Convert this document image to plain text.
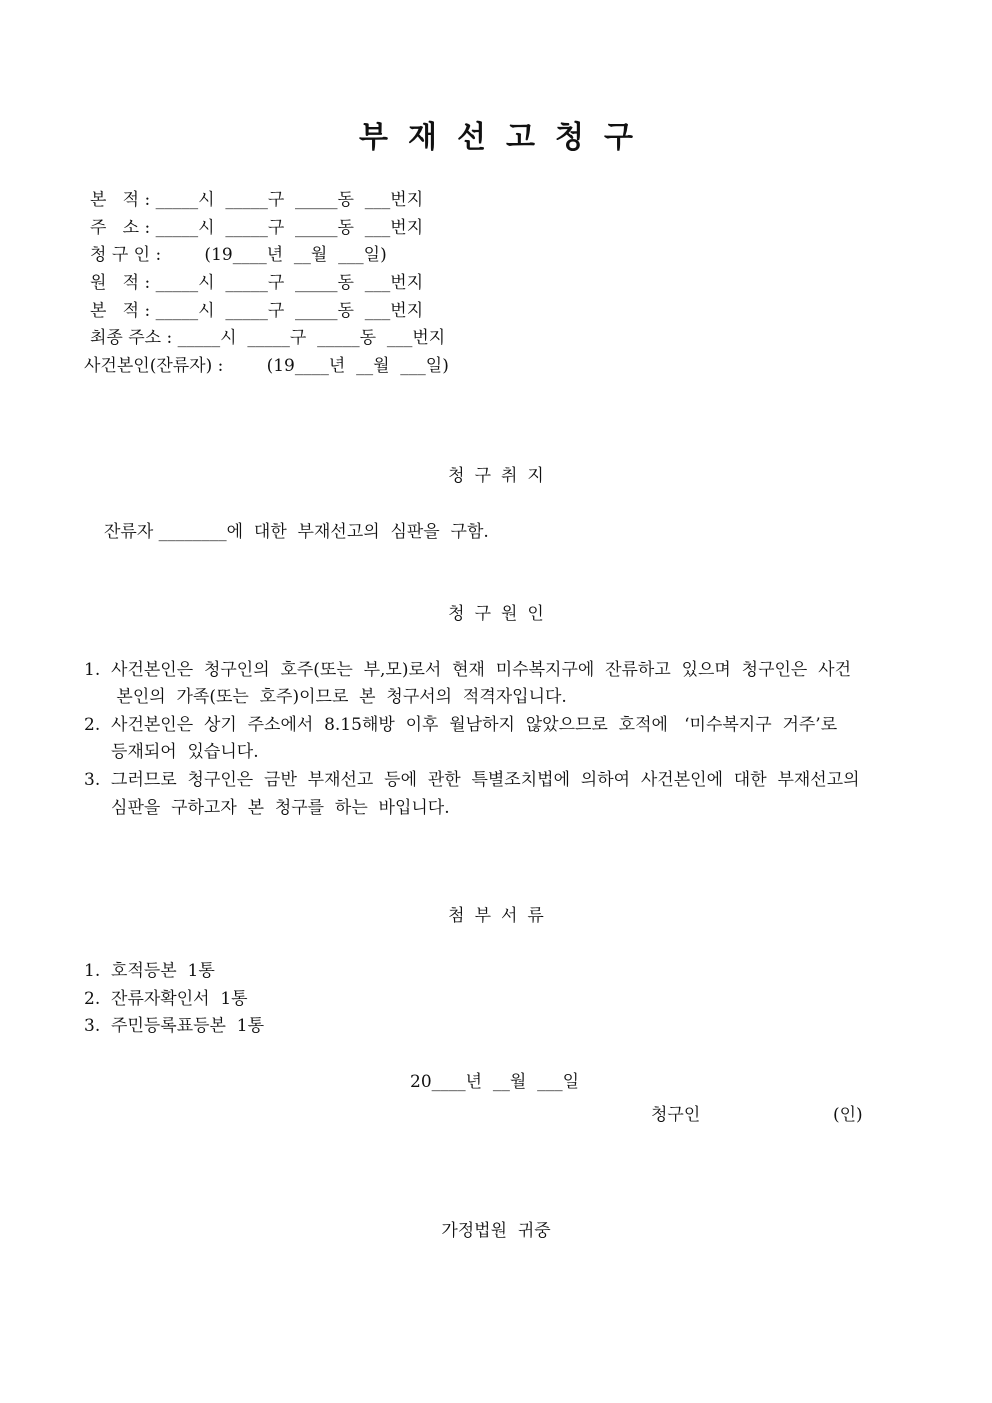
부재선고청구
본   적 : _____시  _____구  _____동  ___번지
주   소 : _____시  _____구  _____동  ___번지
청 구 인 :        (19____년  __월  ___일)
원   적 : _____시  _____구  _____동  ___번지
본   적 : _____시  _____구  _____동  ___번지
최종 주소 : _____시  _____구  _____동  ___번지
사건본인(잔류자) :        (19____년  __월  ___일)
청구취지
잔류자 ________에  대한  부재선고의  심판을  구함.
청구원인
1.  사건본인은  청구인의  호주(또는  부,모)로서  현재  미수복지구에  잔류하고  있으며  청구인은  사건
본인의  가족(또는  호주)이므로  본  청구서의  적격자입니다.
2.  사건본인은  상기  주소에서  8.15해방  이후  월남하지  않았으므로  호적에   ‘미수복지구  거주’로
등재되어  있습니다.
3.  그러므로  청구인은  금반  부재선고  등에  관한  특별조치법에  의하여  사건본인에  대한  부재선고의
심판을  구하고자  본  청구를  하는  바입니다.
첨부서류
1.  호적등본  1통
2.  잔류자확인서  1통
3.  주민등록표등본  1통
20____년  __월  ___일
청구인	(인)
가정법원  귀중
